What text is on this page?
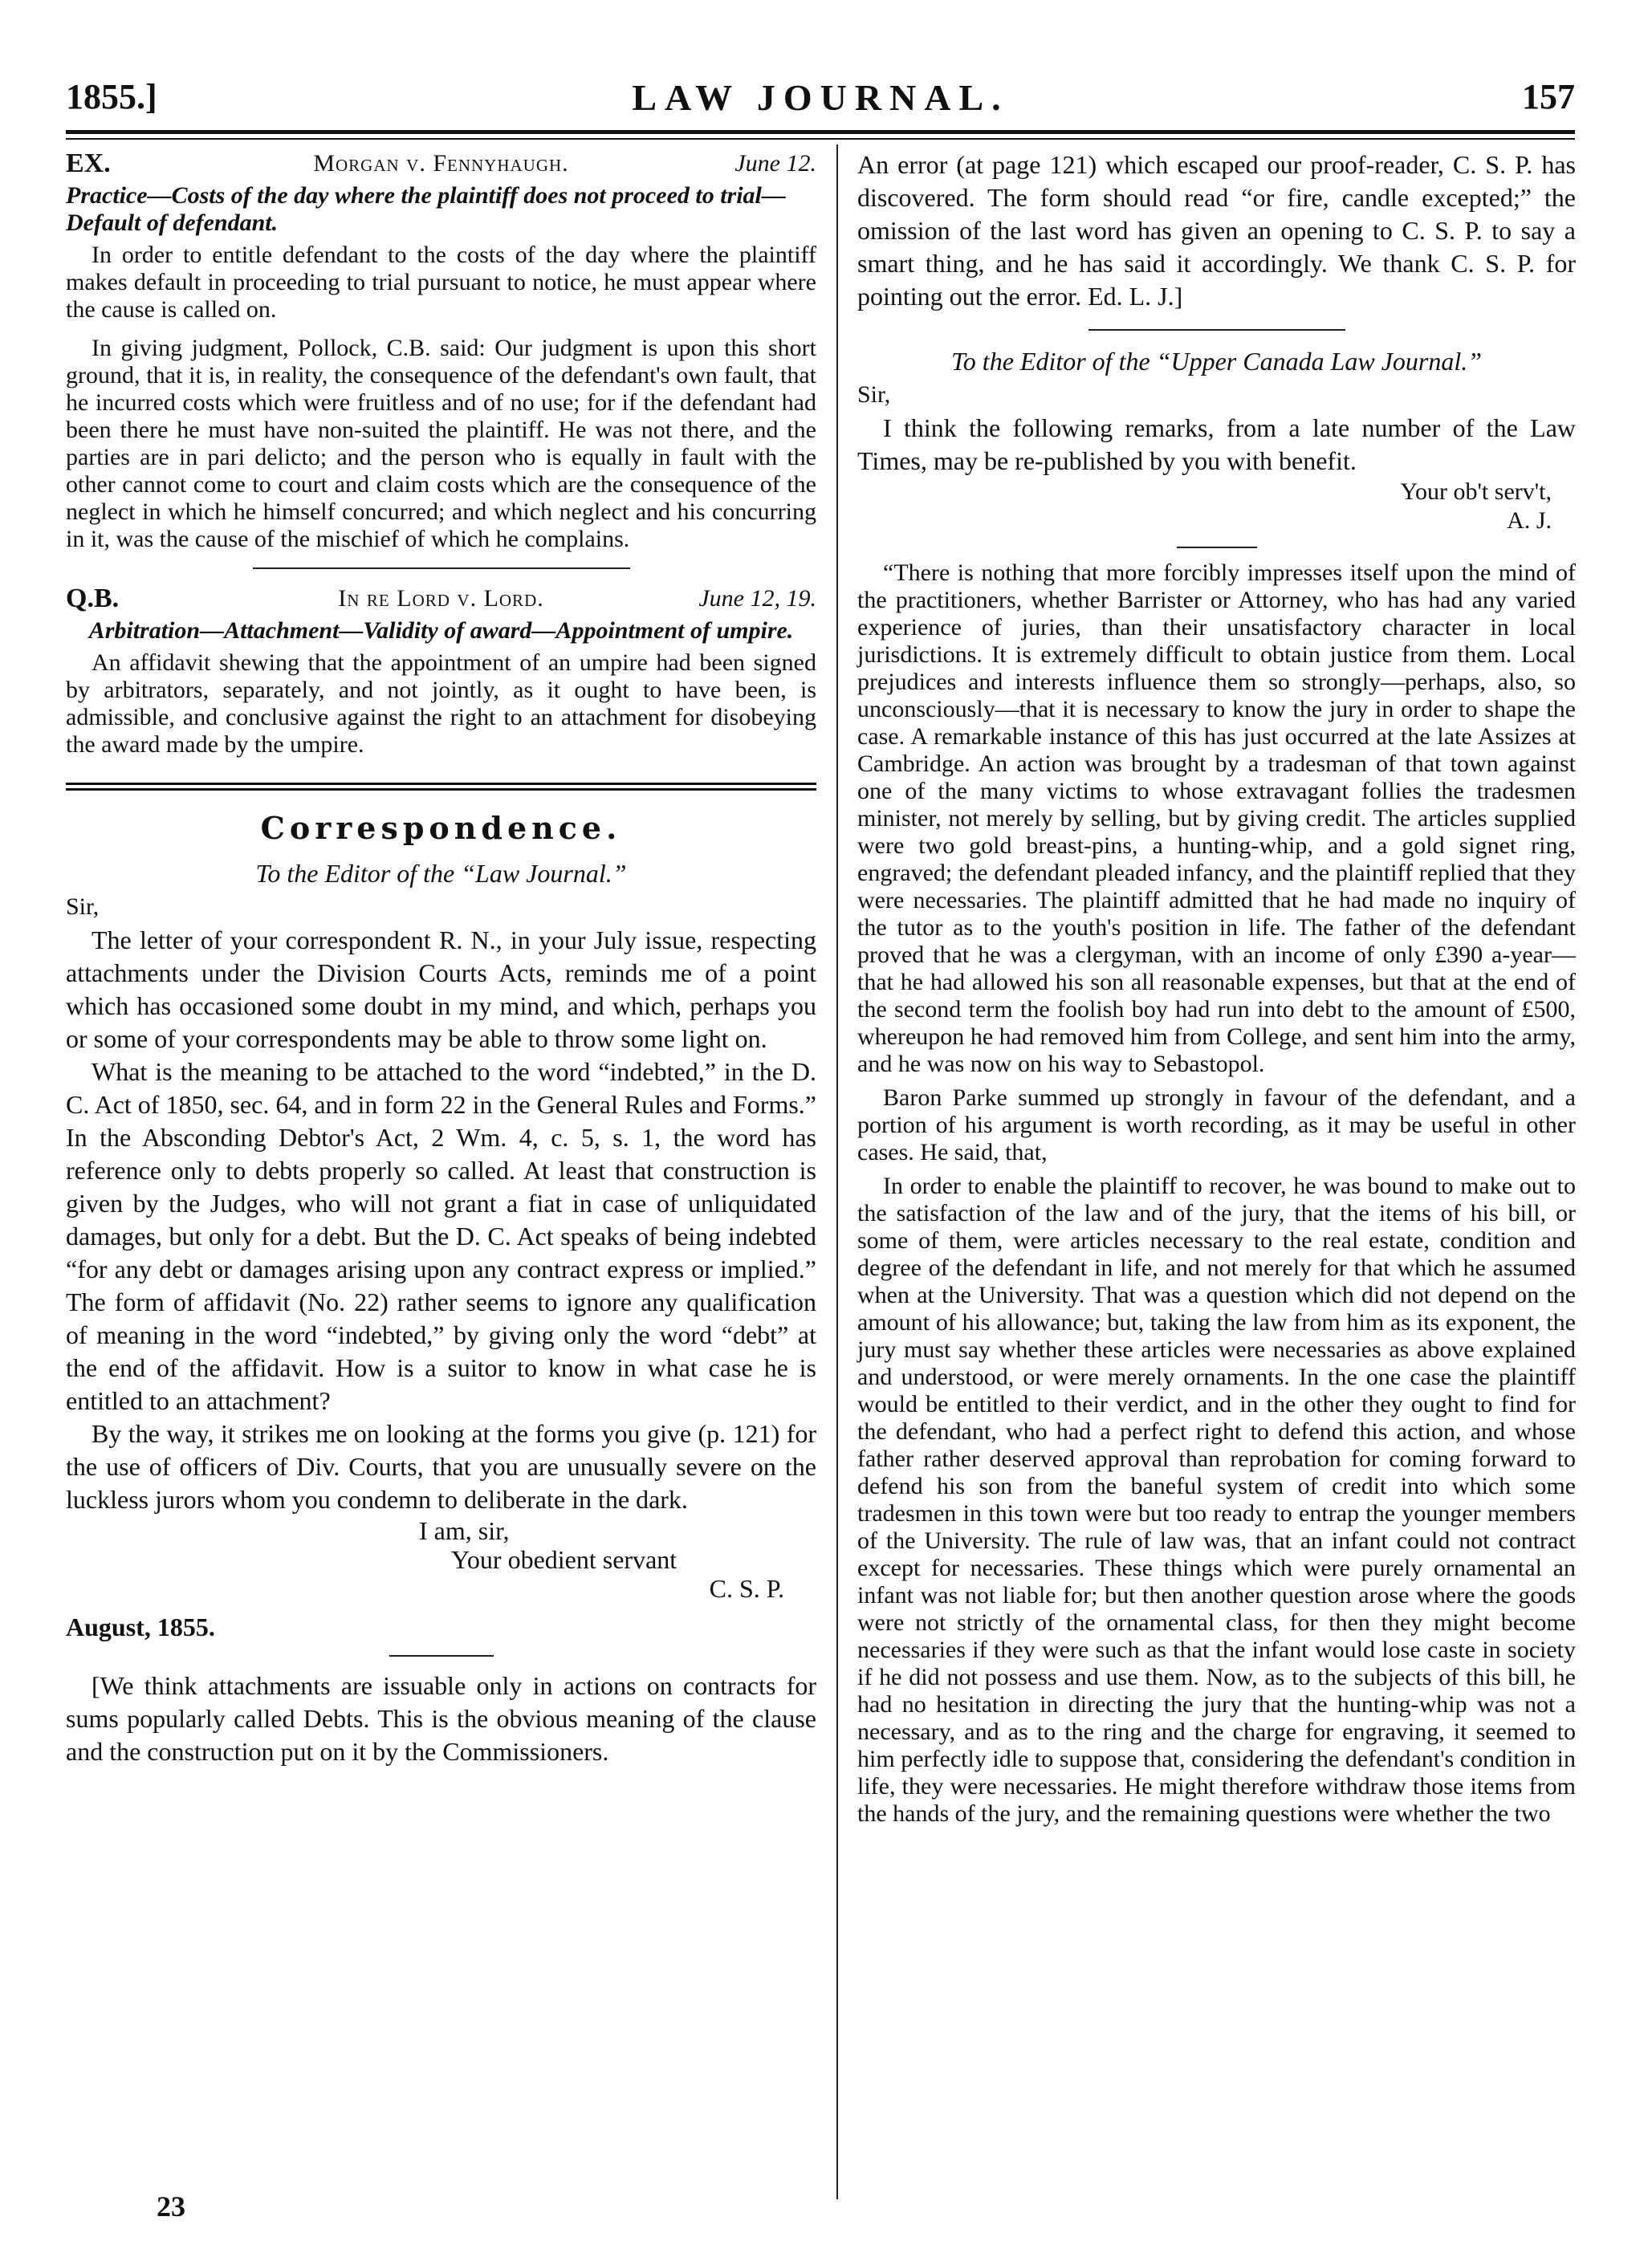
1855.]	LAW JOURNAL.	157
EX.	Morgan v. Fennyhaugh.	June 12.

Practice—Costs of the day where the plaintiff does not proceed to trial—Default of defendant.

In order to entitle defendant to the costs of the day where the plaintiff makes default in proceeding to trial pursuant to notice, he must appear where the cause is called on.

In giving judgment, Pollock, C.B. said: Our judgment is upon this short ground, that it is, in reality, the consequence of the defendant's own fault, that he incurred costs which were fruitless and of no use; for if the defendant had been there he must have non-suited the plaintiff. He was not there, and the parties are in pari delicto; and the person who is equally in fault with the other cannot come to court and claim costs which are the consequence of the neglect in which he himself concurred; and which neglect and his concurring in it, was the cause of the mischief of which he complains.

Q.B.	In re Lord v. Lord.	June 12, 19.

Arbitration—Attachment—Validity of award—Appointment of umpire.

An affidavit shewing that the appointment of an umpire had been signed by arbitrators, separately, and not jointly, as it ought to have been, is admissible, and conclusive against the right to an attachment for disobeying the award made by the umpire.

Correspondence.
To the Editor of the “Law Journal.”
Sir,

The letter of your correspondent R. N., in your July issue, respecting attachments under the Division Courts Acts, reminds me of a point which has occasioned some doubt in my mind, and which, perhaps you or some of your correspondents may be able to throw some light on.

What is the meaning to be attached to the word “indebted,” in the D. C. Act of 1850, sec. 64, and in form 22 in the General Rules and Forms.” In the Absconding Debtor's Act, 2 Wm. 4, c. 5, s. 1, the word has reference only to debts properly so called. At least that construction is given by the Judges, who will not grant a fiat in case of unliquidated damages, but only for a debt. But the D. C. Act speaks of being indebted “for any debt or damages arising upon any contract express or implied.” The form of affidavit (No. 22) rather seems to ignore any qualification of meaning in the word “indebted,” by giving only the word “debt” at the end of the affidavit. How is a suitor to know in what case he is entitled to an attachment?

By the way, it strikes me on looking at the forms you give (p. 121) for the use of officers of Div. Courts, that you are unusually severe on the luckless jurors whom you condemn to deliberate in the dark.

I am, sir,
Your obedient servant
C. S. P.
August, 1855.

[We think attachments are issuable only in actions on contracts for sums popularly called Debts. This is the obvious meaning of the clause and the construction put on it by the Commissioners.

23

An error (at page 121) which escaped our proof-reader, C. S. P. has discovered. The form should read “or fire, candle excepted;” the omission of the last word has given an opening to C. S. P. to say a smart thing, and he has said it accordingly. We thank C. S. P. for pointing out the error. Ed. L. J.]

To the Editor of the “Upper Canada Law Journal.”
Sir,

I think the following remarks, from a late number of the Law Times, may be re-published by you with benefit.

Your ob't serv't,
A. J.

“There is nothing that more forcibly impresses itself upon the mind of the practitioners, whether Barrister or Attorney, who has had any varied experience of juries, than their unsatisfactory character in local jurisdictions. It is extremely difficult to obtain justice from them. Local prejudices and interests influence them so strongly—perhaps, also, so unconsciously—that it is necessary to know the jury in order to shape the case. A remarkable instance of this has just occurred at the late Assizes at Cambridge. An action was brought by a tradesman of that town against one of the many victims to whose extravagant follies the tradesmen minister, not merely by selling, but by giving credit. The articles supplied were two gold breast-pins, a hunting-whip, and a gold signet ring, engraved; the defendant pleaded infancy, and the plaintiff replied that they were necessaries. The plaintiff admitted that he had made no inquiry of the tutor as to the youth's position in life. The father of the defendant proved that he was a clergyman, with an income of only £390 a-year—that he had allowed his son all reasonable expenses, but that at the end of the second term the foolish boy had run into debt to the amount of £500, whereupon he had removed him from College, and sent him into the army, and he was now on his way to Sebastopol.

Baron Parke summed up strongly in favour of the defendant, and a portion of his argument is worth recording, as it may be useful in other cases. He said, that,

In order to enable the plaintiff to recover, he was bound to make out to the satisfaction of the law and of the jury, that the items of his bill, or some of them, were articles necessary to the real estate, condition and degree of the defendant in life, and not merely for that which he assumed when at the University. That was a question which did not depend on the amount of his allowance; but, taking the law from him as its exponent, the jury must say whether these articles were necessaries as above explained and understood, or were merely ornaments. In the one case the plaintiff would be entitled to their verdict, and in the other they ought to find for the defendant, who had a perfect right to defend this action, and whose father rather deserved approval than reprobation for coming forward to defend his son from the baneful system of credit into which some tradesmen in this town were but too ready to entrap the younger members of the University. The rule of law was, that an infant could not contract except for necessaries. These things which were purely ornamental an infant was not liable for; but then another question arose where the goods were not strictly of the ornamental class, for then they might become necessaries if they were such as that the infant would lose caste in society if he did not possess and use them. Now, as to the subjects of this bill, he had no hesitation in directing the jury that the hunting-whip was not a necessary, and as to the ring and the charge for engraving, it seemed to him perfectly idle to suppose that, considering the defendant's condition in life, they were necessaries. He might therefore withdraw those items from the hands of the jury, and the remaining questions were whether the two
